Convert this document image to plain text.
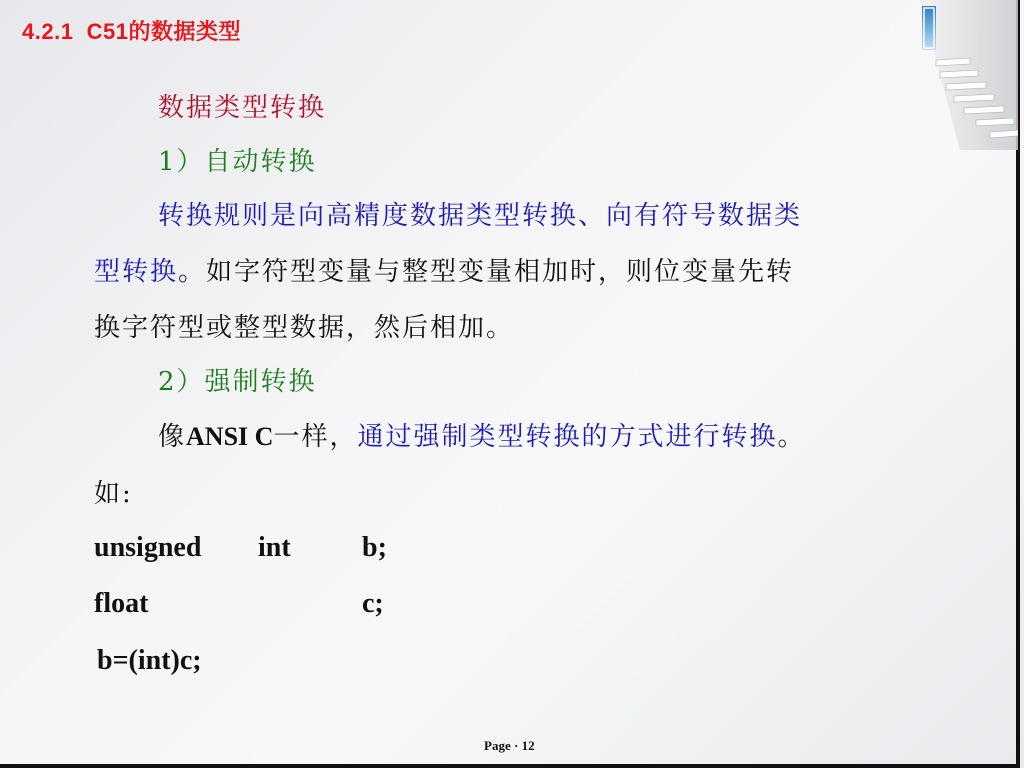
4.2.1  C51的数据类型
数据类型转换
1）自动转换
转换规则是向高精度数据类型转换、向有符号数据类
型转换。如字符型变量与整型变量相加时，则位变量先转
换字符型或整型数据，然后相加。
2）强制转换
像ANSI C一样，通过强制类型转换的方式进行转换。
如:
unsigned int	b;
float	c;
b=(int)c;
Page · 12
